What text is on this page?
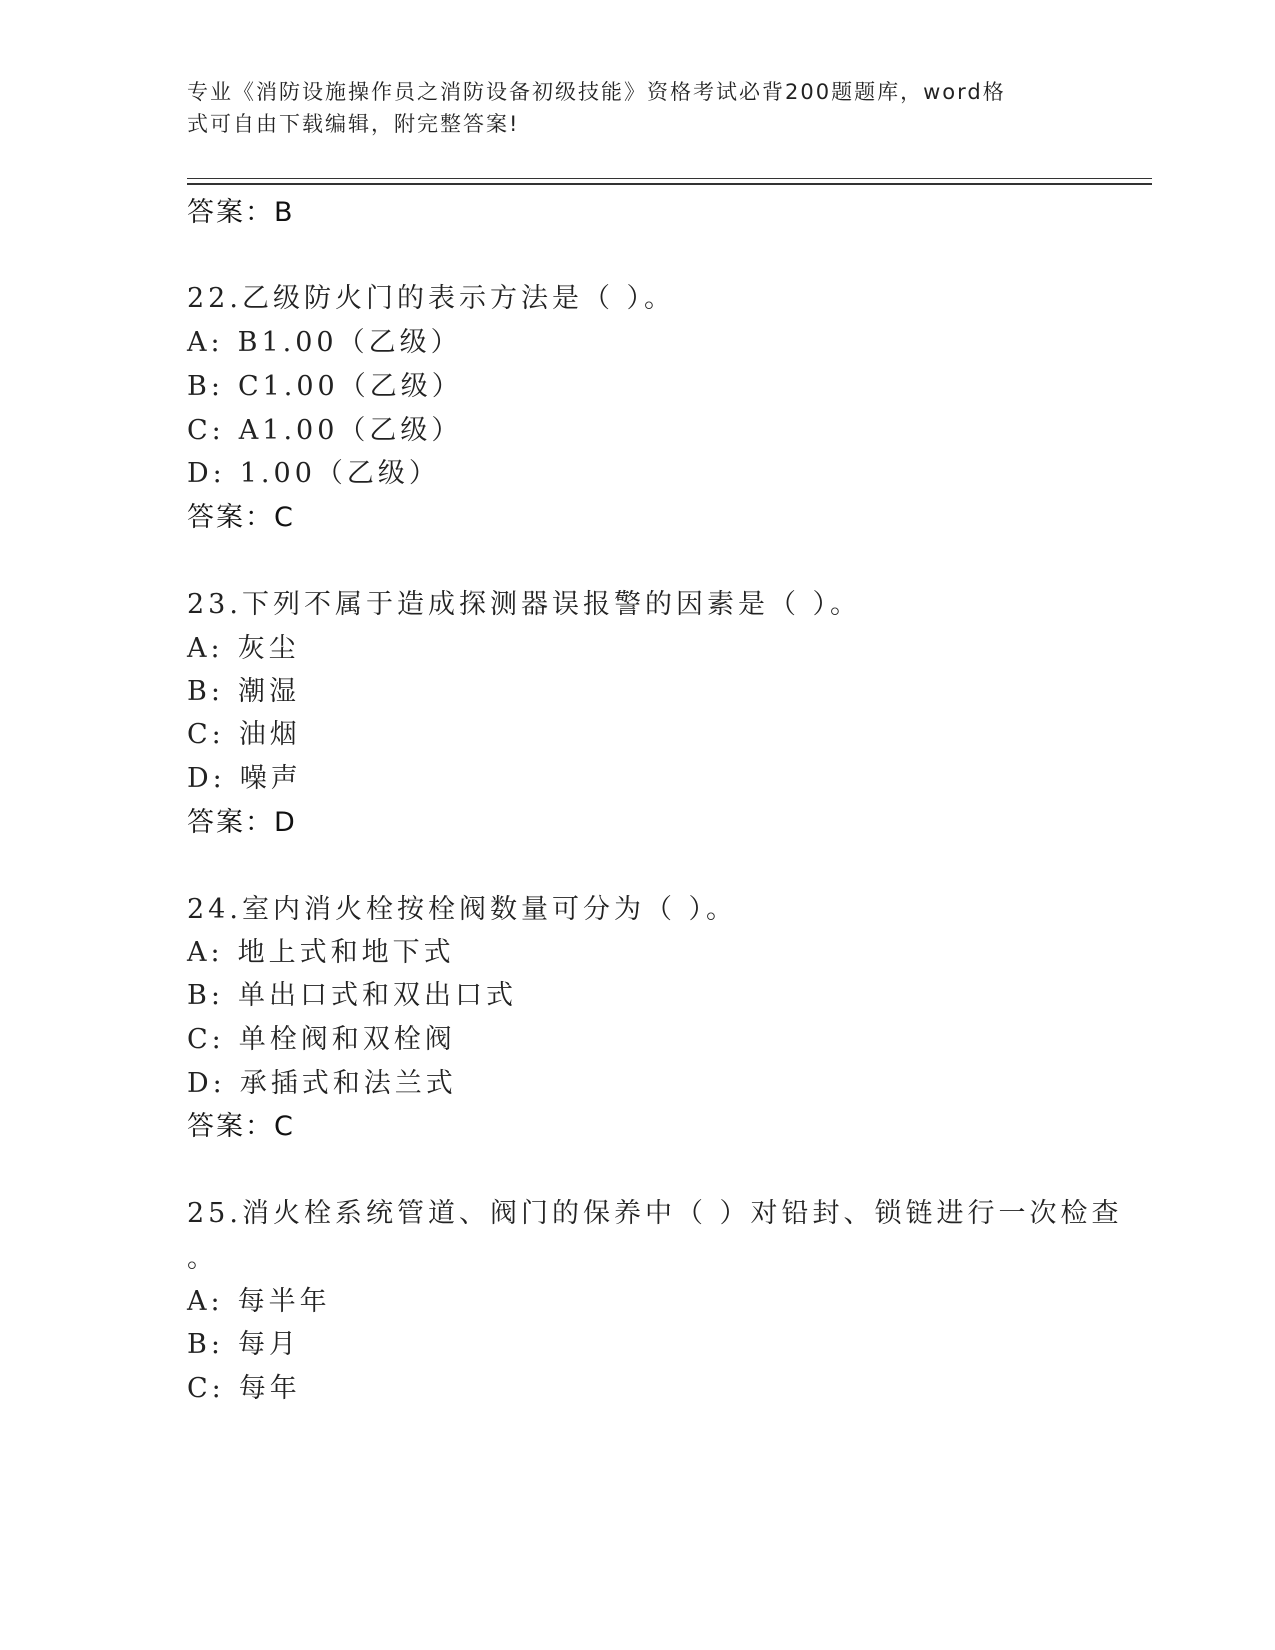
专业《消防设施操作员之消防设备初级技能》资格考试必背200题题库，word格
式可自由下载编辑，附完整答案!
答案：B
22.乙级防火门的表示方法是（ ）。
A: B1.00（乙级）
B: C1.00（乙级）
C: A1.00（乙级）
D: 1.00（乙级）
答案：C
23.下列不属于造成探测器误报警的因素是（ ）。
A: 灰尘
B: 潮湿
C: 油烟
D: 噪声
答案：D
24.室内消火栓按栓阀数量可分为（ ）。
A: 地上式和地下式
B: 单出口式和双出口式
C: 单栓阀和双栓阀
D: 承插式和法兰式
答案：C
25.消火栓系统管道、阀门的保养中（ ）对铅封、锁链进行一次检查
。
A: 每半年
B: 每月
C: 每年
